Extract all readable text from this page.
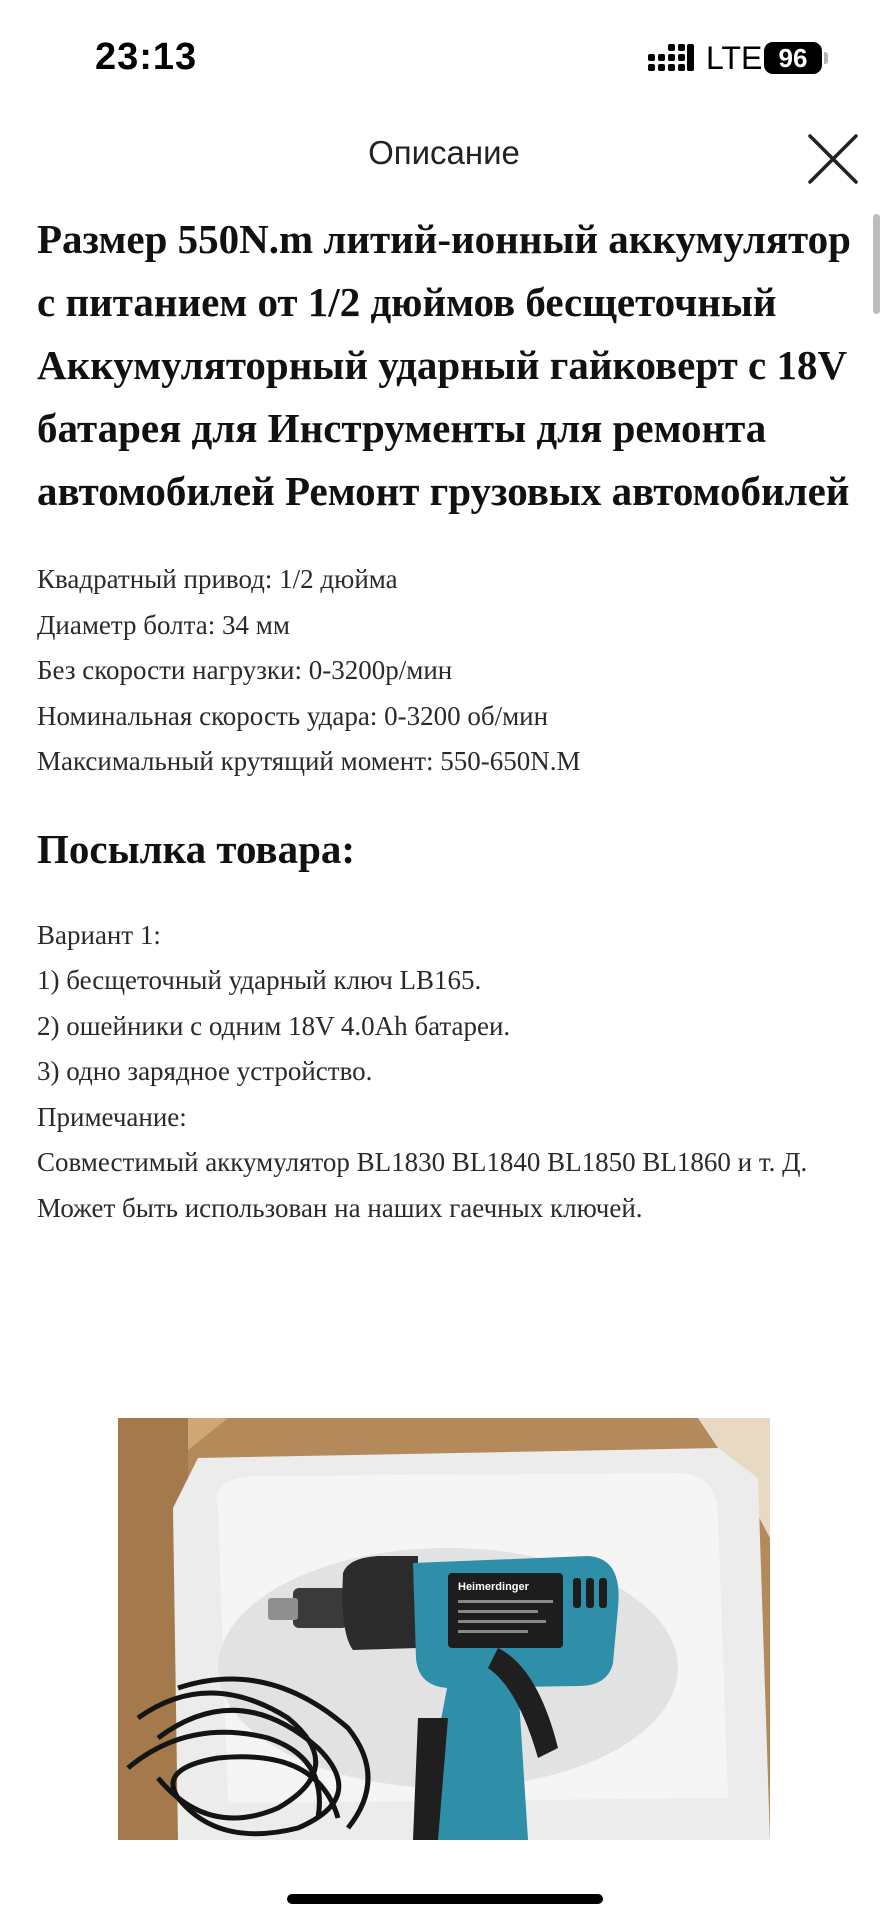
23:13	LTE 96
Описание
Размер 550N.m литий-ионный аккумулятор с питанием от 1/2 дюймов бесщеточный Аккумуляторный ударный гайковерт с 18V батарея для Инструменты для ремонта автомобилей Ремонт грузовых автомобилей
Квадратный привод: 1/2 дюйма
Диаметр болта: 34 мм
Без скорости нагрузки: 0-3200р/мин
Номинальная скорость удара: 0-3200 об/мин
Максимальный крутящий момент: 550-650N.M
Посылка товара:
Вариант 1:
1) бесщеточный ударный ключ LB165.
2) ошейники с одним 18V 4.0Ah батареи.
3) одно зарядное устройство.
Примечание:
Совместимый аккумулятор BL1830 BL1840 BL1850 BL1860 и т. Д. Может быть использован на наших гаечных ключей.
Heimerdinger
